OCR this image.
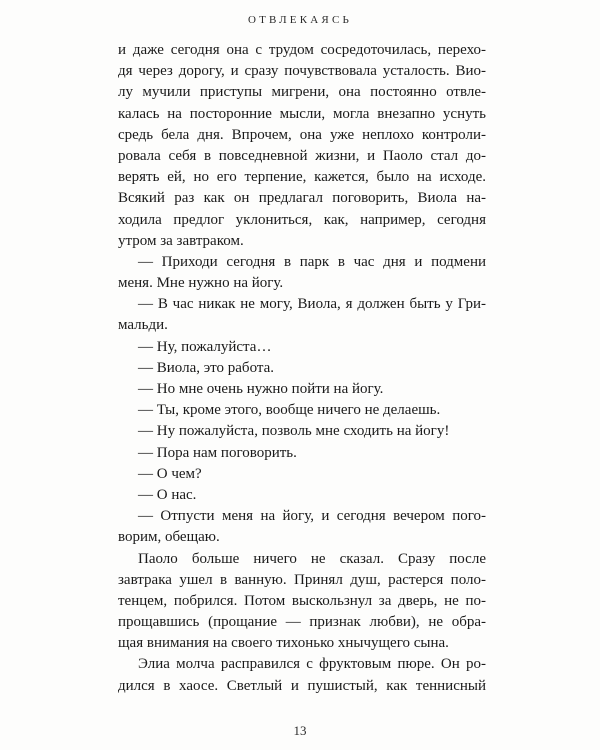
ОТВЛЕКАЯСЬ
и даже сегодня она с трудом сосредоточилась, перехо-
дя через дорогу, и сразу почувствовала усталость. Вио-
лу мучили приступы мигрени, она постоянно отвле-
калась на посторонние мысли, могла внезапно уснуть
средь бела дня. Впрочем, она уже неплохо контроли-
ровала себя в повседневной жизни, и Паоло стал до-
верять ей, но его терпение, кажется, было на исходе.
Всякий раз как он предлагал поговорить, Виола на-
ходила предлог уклониться, как, например, сегодня
утром за завтраком.
— Приходи сегодня в парк в час дня и подмени
меня. Мне нужно на йогу.
— В час никак не могу, Виола, я должен быть у Гри-
мальди.
— Ну, пожалуйста…
— Виола, это работа.
— Но мне очень нужно пойти на йогу.
— Ты, кроме этого, вообще ничего не делаешь.
— Ну пожалуйста, позволь мне сходить на йогу!
— Пора нам поговорить.
— О чем?
— О нас.
— Отпусти меня на йогу, и сегодня вечером пого-
ворим, обещаю.
Паоло больше ничего не сказал. Сразу после
завтрака ушел в ванную. Принял душ, растерся поло-
тенцем, побрился. Потом выскользнул за дверь, не по-
прощавшись (прощание — признак любви), не обра-
щая внимания на своего тихонько хнычущего сына.
Элиа молча расправился с фруктовым пюре. Он ро-
дился в хаосе. Светлый и пушистый, как теннисный
13
